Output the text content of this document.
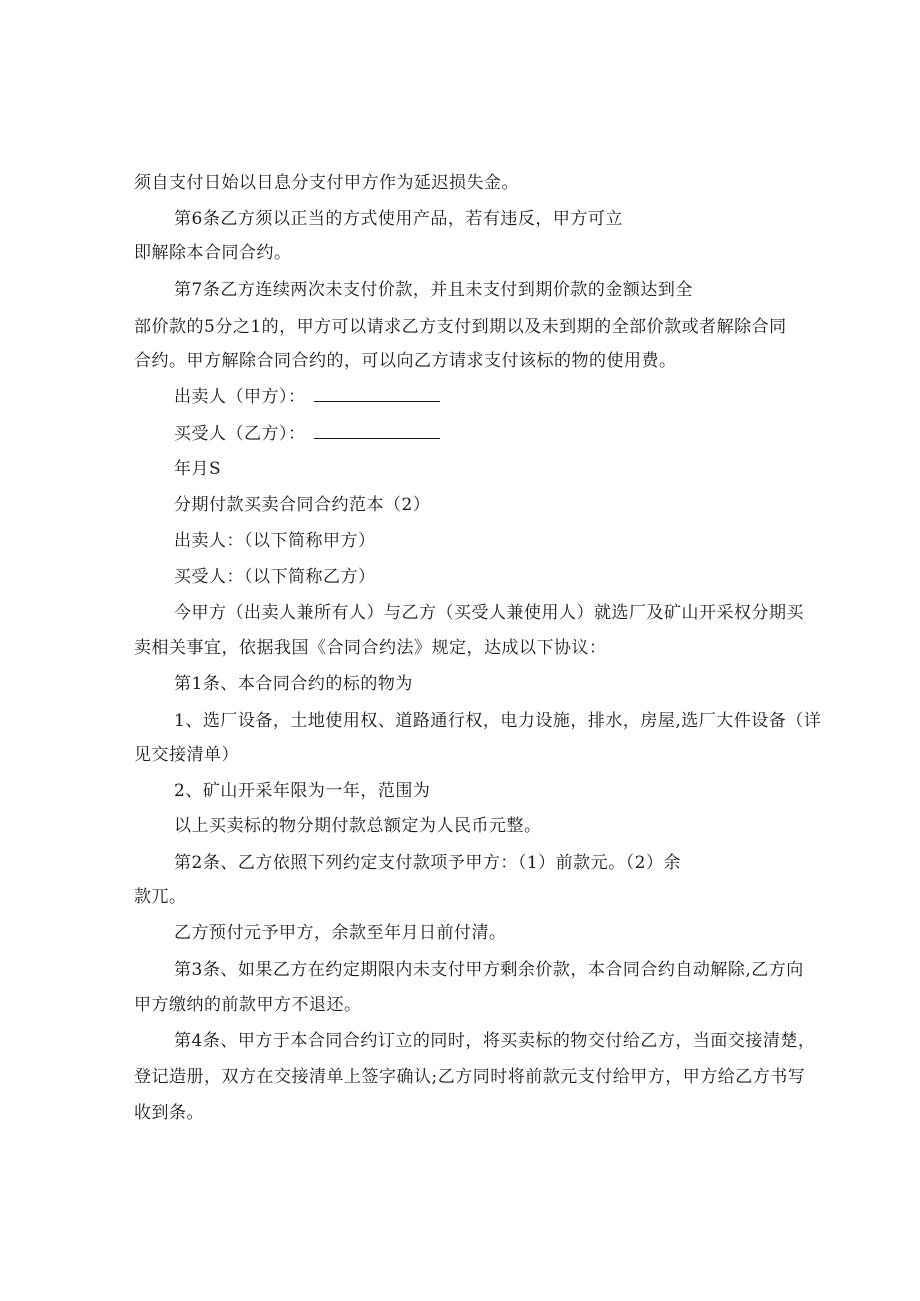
须自支付日始以日息分支付甲方作为延迟损失金。
第6条乙方须以正当的方式使用产品，若有违反，甲方可立
即解除本合同合约。
第7条乙方连续两次未支付价款，并且未支付到期价款的金额达到全
部价款的5分之1的，甲方可以请求乙方支付到期以及未到期的全部价款或者解除合同
合约。甲方解除合同合约的，可以向乙方请求支付该标的物的使用费。
出卖人（甲方）：
买受人（乙方）：
年月S
分期付款买卖合同合约范本（2）
出卖人：（以下简称甲方）
买受人：（以下简称乙方）
今甲方（出卖人兼所有人）与乙方（买受人兼使用人）就选厂及矿山开采权分期买
卖相关事宜，依据我国《合同合约法》规定，达成以下协议：
第1条、本合同合约的标的物为
1、选厂设备，土地使用权、道路通行权，电力设施，排水，房屋,选厂大件设备（详
见交接清单）
2、矿山开采年限为一年，范围为
以上买卖标的物分期付款总额定为人民币元整。
第2条、乙方依照下列约定支付款项予甲方：（1）前款元。（2）余
款兀。
乙方预付元予甲方，余款至年月日前付清。
第3条、如果乙方在约定期限内未支付甲方剩余价款，本合同合约自动解除,乙方向
甲方缴纳的前款甲方不退还。
第4条、甲方于本合同合约订立的同时，将买卖标的物交付给乙方，当面交接清楚，
登记造册，双方在交接清单上签字确认;乙方同时将前款元支付给甲方，甲方给乙方书写
收到条。
